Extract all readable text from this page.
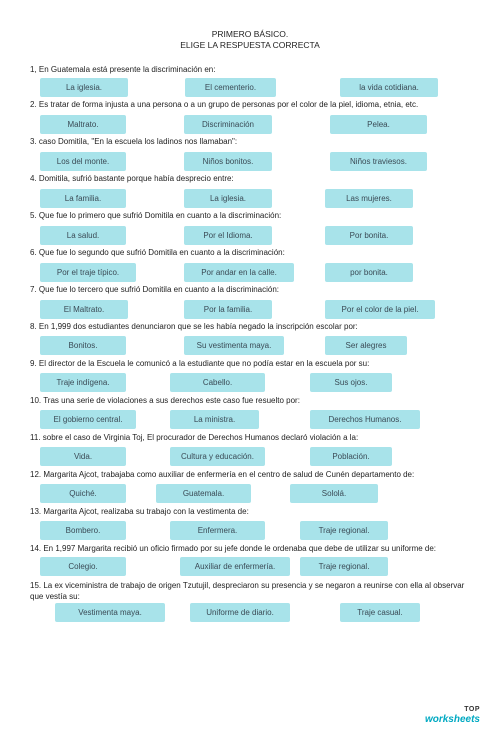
PRIMERO BÁSICO.
ELIGE LA RESPUESTA CORRECTA
1, En Guatemala está presente la discriminación en:
La iglesia.	El cementerio.	la vida cotidiana.
2. Es tratar de forma injusta a una persona o a un grupo de personas por el color de la piel, idioma, etnia, etc.
Maltrato.	Discriminación	Pelea.
3. caso Domitila, "En la escuela los ladinos nos llamaban":
Los del monte.	Niños bonitos.	Niños traviesos.
4. Domitila, sufrió bastante porque había desprecio entre:
La familia.	La iglesia.	Las mujeres.
5. Que fue lo primero que sufrió Domitila en cuanto a la discriminación:
La salud.	Por el Idioma.	Por bonita.
6. Que fue lo segundo que sufrió Domitila en cuanto a la discriminación:
Por el traje típico.	Por andar en la calle.	por bonita.
7. Que fue lo tercero que sufrió Domitila en cuanto a la discriminación:
El Maltrato.	Por la familia.	Por el color de la piel.
8. En 1,999 dos estudiantes denunciaron que se les había negado la inscripción escolar por:
Bonitos.	Su vestimenta maya.	Ser alegres
9. El director de la Escuela le comunicó a la estudiante que no podía estar en la escuela por su:
Traje indígena.	Cabello.	Sus ojos.
10. Tras una serie de violaciones a sus derechos este caso fue resuelto por:
El gobierno central.	La ministra.	Derechos Humanos.
11. sobre el caso de Virginia Toj, El procurador de Derechos Humanos declaró violación a la:
Vida.	Cultura y educación.	Población.
12. Margarita Ajcot, trabajaba como auxiliar de enfermería en el centro de salud de Cunén departamento de:
Quiché.	Guatemala.	Sololá.
13. Margarita Ajcot, realizaba su trabajo con la vestimenta de:
Bombero.	Enfermera.	Traje regional.
14. En 1,997 Margarita recibió un oficio firmado por su jefe donde le ordenaba que debe de utilizar su uniforme de:
Colegio.	Auxiliar de enfermería.	Traje regional.
15. La ex viceministra de trabajo de origen Tzutujil, despreciaron su presencia y se negaron a reunirse con ella al observar que vestía su:
Vestimenta maya.	Uniforme de diario.	Traje casual.
TOP
worksheets
